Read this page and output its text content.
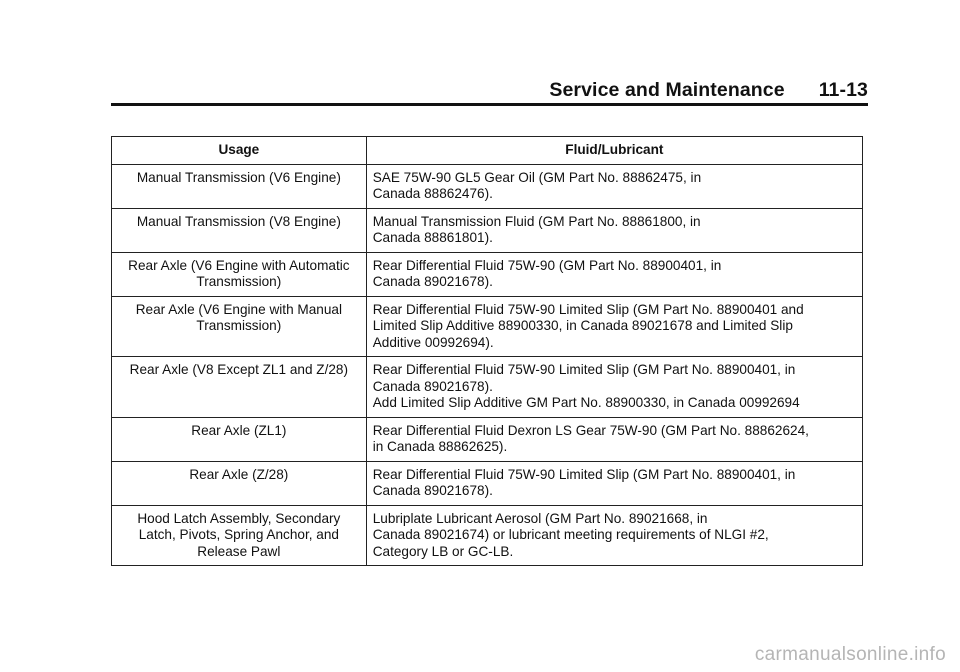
Service and Maintenance 11-13
Usage	Fluid/Lubricant
Manual Transmission (V6 Engine)	SAE 75W-90 GL5 Gear Oil (GM Part No. 88862475, in
Canada 88862476).

Manual Transmission (V8 Engine)	Manual Transmission Fluid (GM Part No. 88861800, in
Canada 88861801).

Rear Axle (V6 Engine with Automatic Transmission)	Rear Differential Fluid 75W-90 (GM Part No. 88900401, in
Canada 89021678).

Rear Axle (V6 Engine with Manual Transmission)	Rear Differential Fluid 75W-90 Limited Slip (GM Part No. 88900401 and
Limited Slip Additive 88900330, in Canada 89021678 and Limited Slip
Additive 00992694).

Rear Axle (V8 Except ZL1 and Z/28)	Rear Differential Fluid 75W-90 Limited Slip (GM Part No. 88900401, in
Canada 89021678).
Add Limited Slip Additive GM Part No. 88900330, in Canada 00992694

Rear Axle (ZL1)	Rear Differential Fluid Dexron LS Gear 75W-90 (GM Part No. 88862624,
in Canada 88862625).

Rear Axle (Z/28)	Rear Differential Fluid 75W-90 Limited Slip (GM Part No. 88900401, in
Canada 89021678).

Hood Latch Assembly, Secondary Latch, Pivots, Spring Anchor, and Release Pawl	Lubriplate Lubricant Aerosol (GM Part No. 89021668, in
Canada 89021674) or lubricant meeting requirements of NLGI #2,
Category LB or GC-LB.
carmanualsonline.info
